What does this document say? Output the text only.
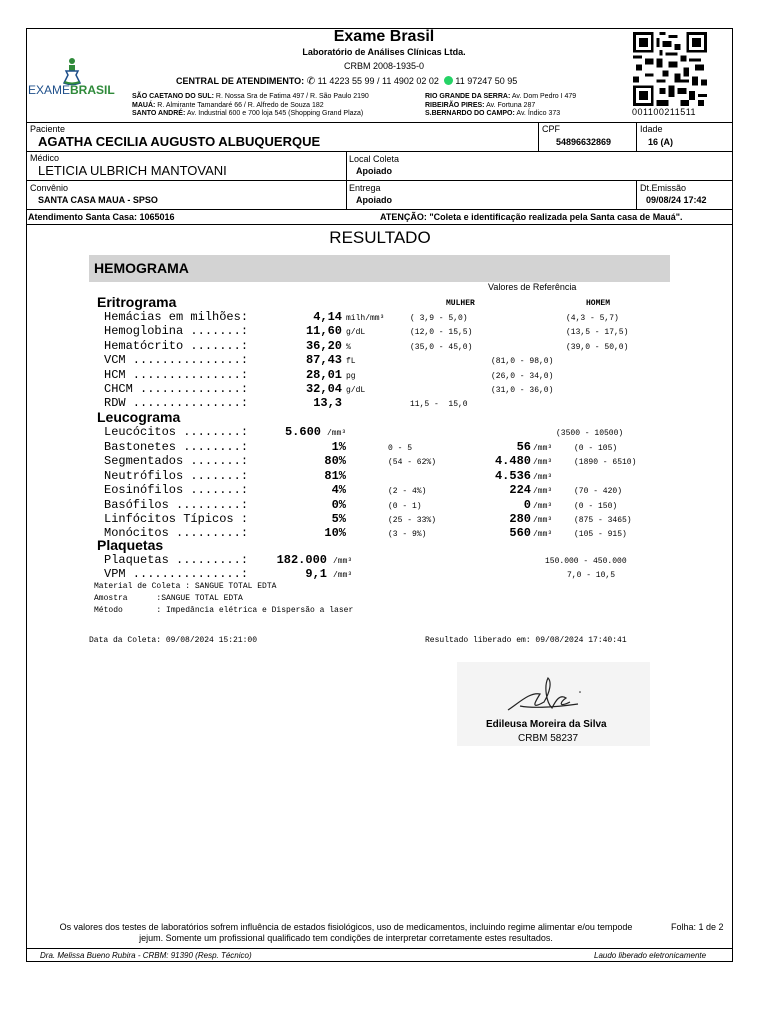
EXAMEBRASIL
Exame Brasil
Laboratório de Análises Clínicas Ltda.
CRBM 2008-1935-0
CENTRAL DE ATENDIMENTO: ✆ 11 4223 55 99 / 11 4902 02 02 11 97247 50 95
SÃO CAETANO DO SUL: R. Nossa Sra de Fatima 497 / R. São Paulo 2190
MAUÁ: R. Almirante Tamandaré 66 / R. Alfredo de Souza 182
SANTO ANDRÉ: Av. Industrial 600 e 700 loja 545 (Shopping Grand Plaza)
RIO GRANDE DA SERRA: Av. Dom Pedro I 479
RIBEIRÃO PIRES: Av. Fortuna 287
S.BERNARDO DO CAMPO: Av. Índico 373	001100211511
Paciente
AGATHA CECILIA AUGUSTO ALBUQUERQUE
CPF
54896632869
Idade
16 (A)
Médico
LETICIA ULBRICH MANTOVANI
Local Coleta
Apoiado
Convênio
SANTA CASA MAUA - SPSO
Entrega
Apoiado
Dt.Emissão
09/08/24 17:42
Atendimento Santa Casa: 1065016	ATENÇÃO: "Coleta e identificação realizada pela Santa casa de Mauá".
RESULTADO
HEMOGRAMA
Valores de Referência
MULHER	HOMEM
Eritrograma
Hemácias em milhões:	4,14 milh/mm³	( 3,9 - 5,0)	(4,3 - 5,7)
Hemoglobina .......:	11,60 g/dL	(12,0 - 15,5)	(13,5 - 17,5)
Hematócrito .......:	36,20 %	(35,0 - 45,0)	(39,0 - 50,0)
VCM ...............:	87,43 fL	(81,0 - 98,0)
HCM ...............:	28,01 pg	(26,0 - 34,0)
CHCM ..............:	32,04 g/dL	(31,0 - 36,0)
RDW ...............:	13,3	11,5 -  15,0
Leucograma
Leucócitos ........:	5.600 /mm³	(3500 - 10500)
Bastonetes ........:	1%	0 - 5	56 /mm³	(0 - 105)
Segmentados .......:	80%	(54 - 62%)	4.480 /mm³	(1890 - 6510)
Neutrófilos .......:	81%	4.536 /mm³
Eosinófilos .......:	4%	(2 - 4%)	224 /mm³	(70 - 420)
Basófilos .........:	0%	(0 - 1)	0 /mm³	(0 - 150)
Linfócitos Típicos :	5%	(25 - 33%)	280 /mm³	(875 - 3465)
Monócitos .........:	10%	(3 - 9%)	560 /mm³	(105 - 915)
Plaquetas
Plaquetas .........:	182.000 /mm³	150.000 - 450.000
VPM ...............:	9,1 /mm³	7,0 - 10,5
Material de Coleta : SANGUE TOTAL EDTA
Amostra      :SANGUE TOTAL EDTA
Método       : Impedância elétrica e Dispersão a laser
Data da Coleta: 09/08/2024 15:21:00	Resultado liberado em: 09/08/2024 17:40:41
Edileusa Moreira da Silva
CRBM 58237
Os valores dos testes de laboratórios sofrem influência de estados fisiológicos, uso de medicamentos, incluindo regime alimentar e/ou tempode jejum. Somente um profissional qualificado tem condições de interpretar corretamente estes resultados.
Folha: 1 de 2
Dra. Melissa Bueno Rubira - CRBM: 91390 (Resp. Técnico)	Laudo liberado eletronicamente
